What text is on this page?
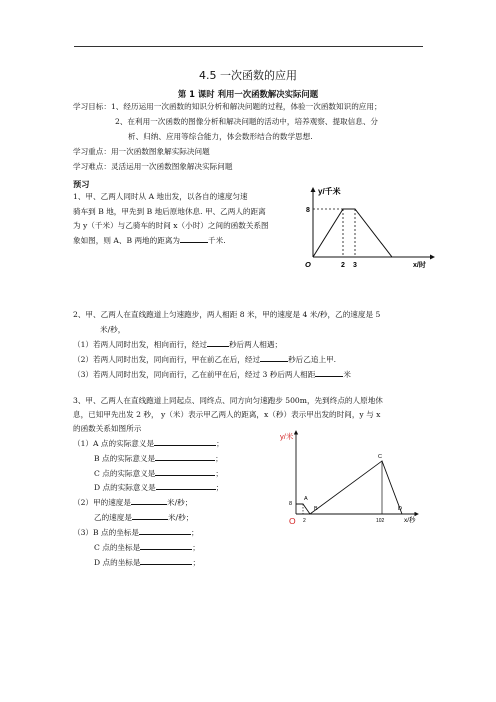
4.5 一次函数的应用
第 1 课时 利用一次函数解决实际问题
学习目标：1、经历运用一次函数的知识分析和解决问题的过程，体验一次函数知识的应用；
2、在利用一次函数的图像分析和解决问题的活动中，培养观察、提取信息、分
析、归纳、应用等综合能力，体会数形结合的数学思想.
学习重点：用一次函数图象解实际决问题
学习难点：灵活运用一次函数图象解决实际问题
预习
1、甲、乙两人同时从 A 地出发，以各自的速度匀速
骑车到 B 地，甲先到 B 地后原地休息. 甲、乙两人的距离
为 y（千米）与乙骑车的时间 x（小时）之间的函数关系图
象如图，则 A、B 两地的距离为	千米.
y/千米
8
O	2 3	x/时
2、甲、乙两人在直线跑道上匀速跑步，两人相距 8 米，甲的速度是 4 米/秒，乙的速度是 5
米/秒，
（1）若两人同时出发，相向而行，经过	秒后两人相遇；
（2）若两人同时出发，同向而行，甲在前乙在后，经过	秒后乙追上甲.
（3）若两人同时出发，同向而行，乙在前甲在后，经过 3 秒后两人相距	米
3、甲、乙两人在直线跑道上同起点、同终点、同方向匀速跑步 500m，先到终点的人原地休
息，已知甲先出发 2 秒， y（米）表示甲乙两人的距离，x（秒）表示甲出发的时间，y 与 x
的函数关系如图所示
（1）A 点的实际意义是	；
B 点的实际意义是	；
C 点的实际意义是	；
D 点的实际意义是	；
（2）甲的速度是	米/秒；
乙的速度是	米/秒；
（3）B 点的坐标是	；
C 点的坐标是	；
D 点的坐标是	；
y/米
8
A
B
C
D
O 2	102	x/秒
